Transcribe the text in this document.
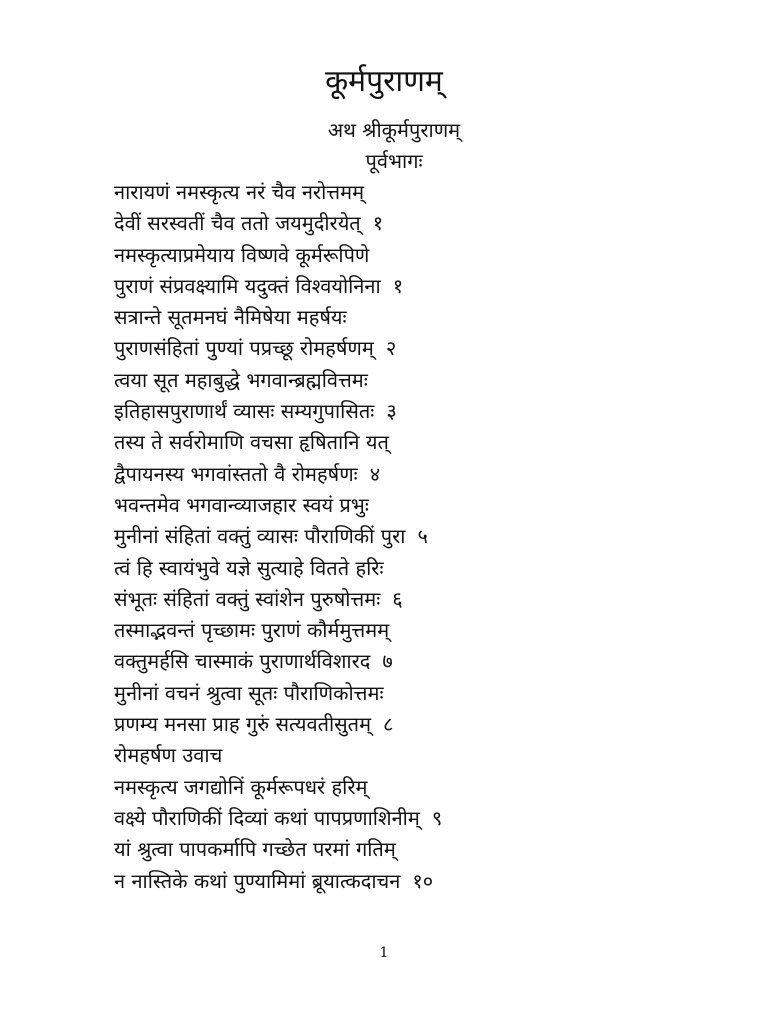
कूर्मपुराणम्
अथ श्रीकूर्मपुराणम्
पूर्वभागः
नारायणं नमस्कृत्य नरं चैव नरोत्तमम्
देवीं सरस्वतीं चैव ततो जयमुदीरयेत् १
नमस्कृत्याप्रमेयाय विष्णवे कूर्मरूपिणे
पुराणं संप्रवक्ष्यामि यदुक्तं विश्वयोनिना १
सत्रान्ते सूतमनघं नैमिषेया महर्षयः
पुराणसंहितां पुण्यां पप्रच्छू रोमहर्षणम् २
त्वया सूत महाबुद्धे भगवान्ब्रह्मवित्तमः
इतिहासपुराणार्थं व्यासः सम्यगुपासितः ३
तस्य ते सर्वरोमाणि वचसा हृषितानि यत्
द्वैपायनस्य भगवांस्ततो वै रोमहर्षणः ४
भवन्तमेव भगवान्व्याजहार स्वयं प्रभुः
मुनीनां संहितां वक्तुं व्यासः पौराणिकीं पुरा ५
त्वं हि स्वायंभुवे यज्ञे सुत्याहे वितते हरिः
संभूतः संहितां वक्तुं स्वांशेन पुरुषोत्तमः ६
तस्माद्भवन्तं पृच्छामः पुराणं कौर्ममुत्तमम्
वक्तुमर्हसि चास्माकं पुराणार्थविशारद ७
मुनीनां वचनं श्रुत्वा सूतः पौराणिकोत्तमः
प्रणम्य मनसा प्राह गुरुं सत्यवतीसुतम् ८
रोमहर्षण उवाच
नमस्कृत्य जगद्योनिं कूर्मरूपधरं हरिम्
वक्ष्ये पौराणिकीं दिव्यां कथां पापप्रणाशिनीम् ९
यां श्रुत्वा पापकर्मापि गच्छेत परमां गतिम्
न नास्तिके कथां पुण्यामिमां ब्रूयात्कदाचन १०
1
